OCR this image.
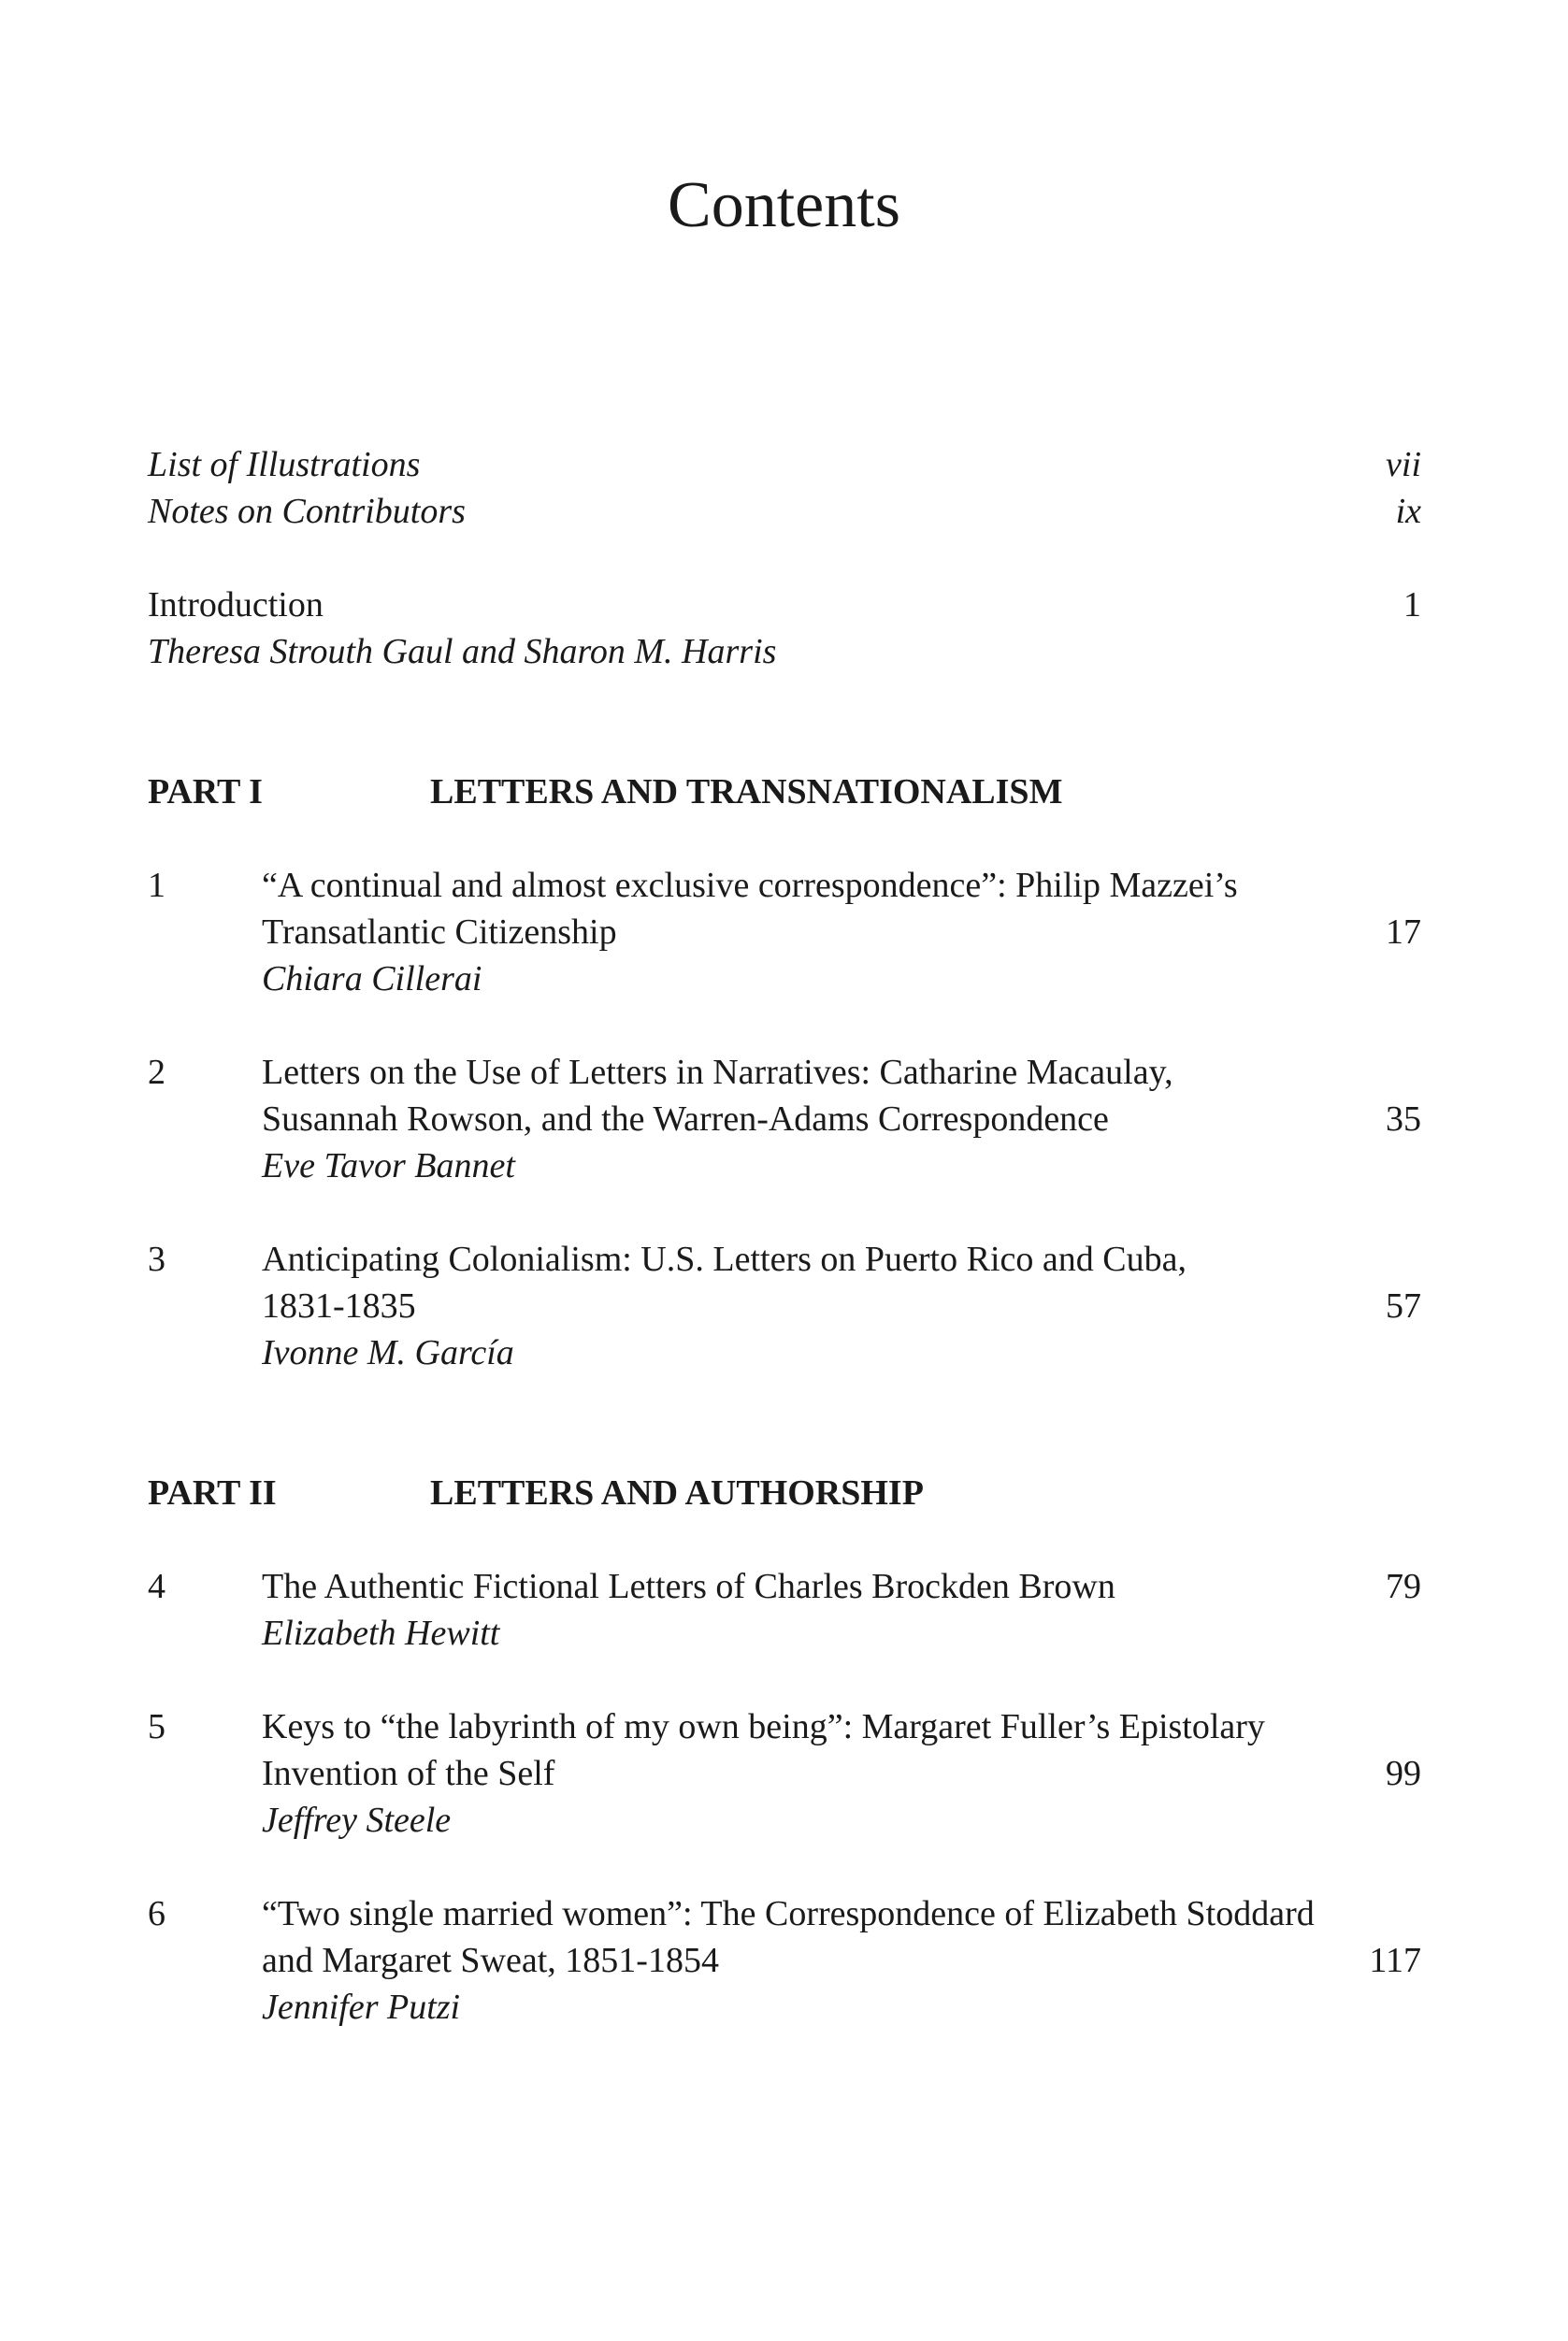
Contents
List of Illustrations	vii
Notes on Contributors	ix
Introduction	1
Theresa Strouth Gaul and Sharon M. Harris
PART I	LETTERS AND TRANSNATIONALISM
1	“A continual and almost exclusive correspondence”: Philip Mazzei’s
Transatlantic Citizenship	17
Chiara Cillerai
2	Letters on the Use of Letters in Narratives: Catharine Macaulay,
Susannah Rowson, and the Warren-Adams Correspondence	35
Eve Tavor Bannet
3	Anticipating Colonialism: U.S. Letters on Puerto Rico and Cuba,
1831-1835	57
Ivonne M. García
PART II	LETTERS AND AUTHORSHIP
4	The Authentic Fictional Letters of Charles Brockden Brown	79
Elizabeth Hewitt
5	Keys to “the labyrinth of my own being”: Margaret Fuller’s Epistolary
Invention of the Self	99
Jeffrey Steele
6	“Two single married women”: The Correspondence of Elizabeth Stoddard
and Margaret Sweat, 1851-1854	117
Jennifer Putzi
